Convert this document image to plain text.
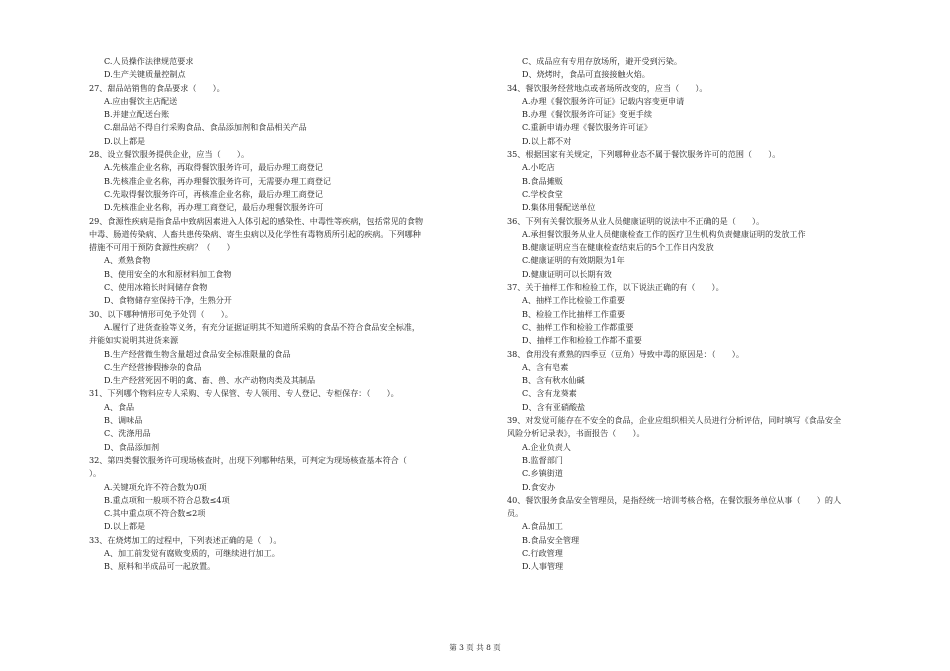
C.人员操作法律规范要求
D.生产关键质量控制点
27、甜品站销售的食品要求（　　）。
A.应由餐饮主店配送
B.并建立配送台账
C.甜品站不得自行采购食品、食品添加剂和食品相关产品
D.以上都是
28、设立餐饮服务提供企业，应当（　　）。
A.先核准企业名称，再取得餐饮服务许可，最后办理工商登记
B.先核准企业名称，再办理餐饮服务许可，无需要办理工商登记
C.先取得餐饮服务许可，再核准企业名称，最后办理工商登记
D.先核准企业名称，再办理工商登记，最后办理餐饮服务许可
29、食源性疾病是指食品中致病因素进入人体引起的感染性、中毒性等疾病，包括常见的食物
中毒、肠道传染病、人畜共患传染病、寄生虫病以及化学性有毒物质所引起的疾病。下列哪种
措施不可用于预防食源性疾病？（　　）
A、煮熟食物
B、使用安全的水和原材料加工食物
C、使用冰箱长时间储存食物
D、食物储存室保持干净，生熟分开
30、以下哪种情形可免予处罚（　　）。
A.履行了进货查验等义务，有充分证据证明其不知道所采购的食品不符合食品安全标准，
并能如实说明其进货来源
B.生产经营微生物含量超过食品安全标准限量的食品
C.生产经营掺假掺杂的食品
D.生产经营死因不明的禽、畜、兽、水产动物肉类及其制品
31、下列哪个物料应专人采购、专人保管、专人领用、专人登记、专柜保存：（　　）。
A、食品
B、调味品
C、洗涤用品
D、食品添加剂
32、第四类餐饮服务许可现场核查时，出现下列哪种结果，可判定为现场核查基本符合（
）。
A.关键项允许不符合数为0项
B.重点项和一般项不符合总数≤4项
C.其中重点项不符合数≤2项
D.以上都是
33、在烧烤加工的过程中，下列表述正确的是（　）。
A、加工前发觉有腐败变质的，可继续进行加工。
B、原料和半成品可一起放置。
C、成品应有专用存放场所，避开受到污染。
D、烧烤时，食品可直接接触火焰。
34、餐饮服务经营地点或者场所改变的，应当（　　）。
A.办理《餐饮服务许可证》记载内容变更申请
B.办理《餐饮服务许可证》变更手续
C.重新申请办理《餐饮服务许可证》
D.以上都不对
35、根据国家有关规定，下列哪种业态不属于餐饮服务许可的范围（　　）。
A.小吃店
B.食品摊贩
C.学校食堂
D.集体用餐配送单位
36、下列有关餐饮服务从业人员健康证明的说法中不正确的是（　　）。
A.承担餐饮服务从业人员健康检查工作的医疗卫生机构负责健康证明的发放工作
B.健康证明应当在健康检查结束后的5个工作日内发放
C.健康证明的有效期限为1年
D.健康证明可以长期有效
37、关于抽样工作和检验工作，以下说法正确的有（　　）。
A、抽样工作比检验工作重要
B、检验工作比抽样工作重要
C、抽样工作和检验工作都重要
D、抽样工作和检验工作都不重要
38、食用没有煮熟的四季豆（豆角）导致中毒的原因是：（　　）。
A、含有皂素
B、含有秋水仙碱
C、含有龙葵素
D、含有亚硝酸盐
39、对发觉可能存在不安全的食品，企业应组织相关人员进行分析评估，同时填写《食品安全
风险分析记录表》，书面报告（　　）。
A.企业负责人
B.监督部门
C.乡镇街道
D.食安办
40、餐饮服务食品安全管理员，是指经统一培训考核合格，在餐饮服务单位从事（　　）的人
员。
A.食品加工
B.食品安全管理
C.行政管理
D.人事管理
第 3 页 共 8 页
